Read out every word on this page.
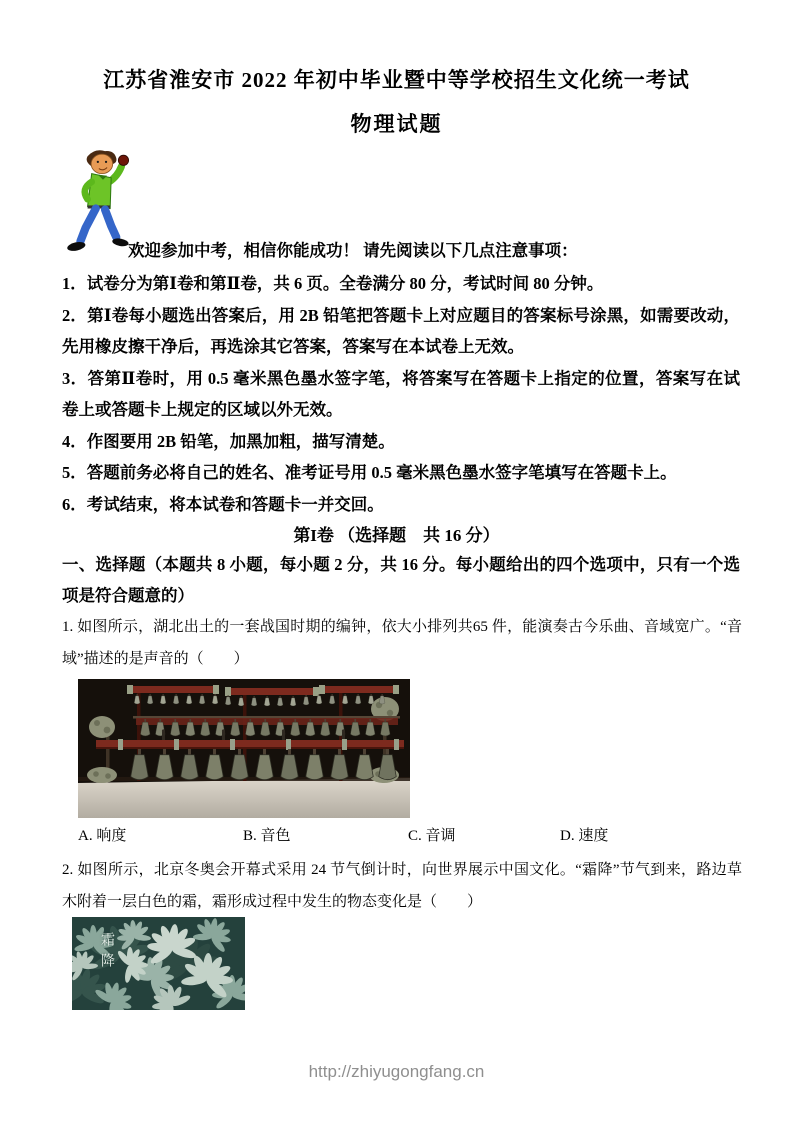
江苏省淮安市 2022 年初中毕业暨中等学校招生文化统一考试
物理试题
欢迎参加中考，相信你能成功！ 请先阅读以下几点注意事项：

1．试卷分为第Ⅰ卷和第Ⅱ卷，共 6 页。全卷满分 80 分，考试时间 80 分钟。

2．第Ⅰ卷每小题选出答案后，用 2B 铅笔把答题卡上对应题目的答案标号涂黑，如需要改动，先用橡皮擦干净后，再选涂其它答案，答案写在本试卷上无效。

3．答第Ⅱ卷时，用 0.5 毫米黑色墨水签字笔，将答案写在答题卡上指定的位置，答案写在试卷上或答题卡上规定的区域以外无效。

4．作图要用 2B 铅笔，加黑加粗，描写清楚。

5．答题前务必将自己的姓名、准考证号用 0.5 毫米黑色墨水签字笔填写在答题卡上。

6．考试结束，将本试卷和答题卡一并交回。

第I卷 （选择题　共 16 分）
一、选择题（本题共 8 小题，每小题 2 分，共 16 分。每小题给出的四个选项中，只有一个选项是符合题意的）
1. 如图所示，湖北出土的一套战国时期的编钟，依大小排列共65 件，能演奏古今乐曲、音域宽广。“音域”描述的是声音的（　　）
A. 响度	B. 音色	C. 音调	D. 速度
2. 如图所示，北京冬奥会开幕式采用 24 节气倒计时，向世界展示中国文化。“霜降”节气到来，路边草木附着一层白色的霜，霜形成过程中发生的物态变化是（　　）
霜降
http://zhiyugongfang.cn
